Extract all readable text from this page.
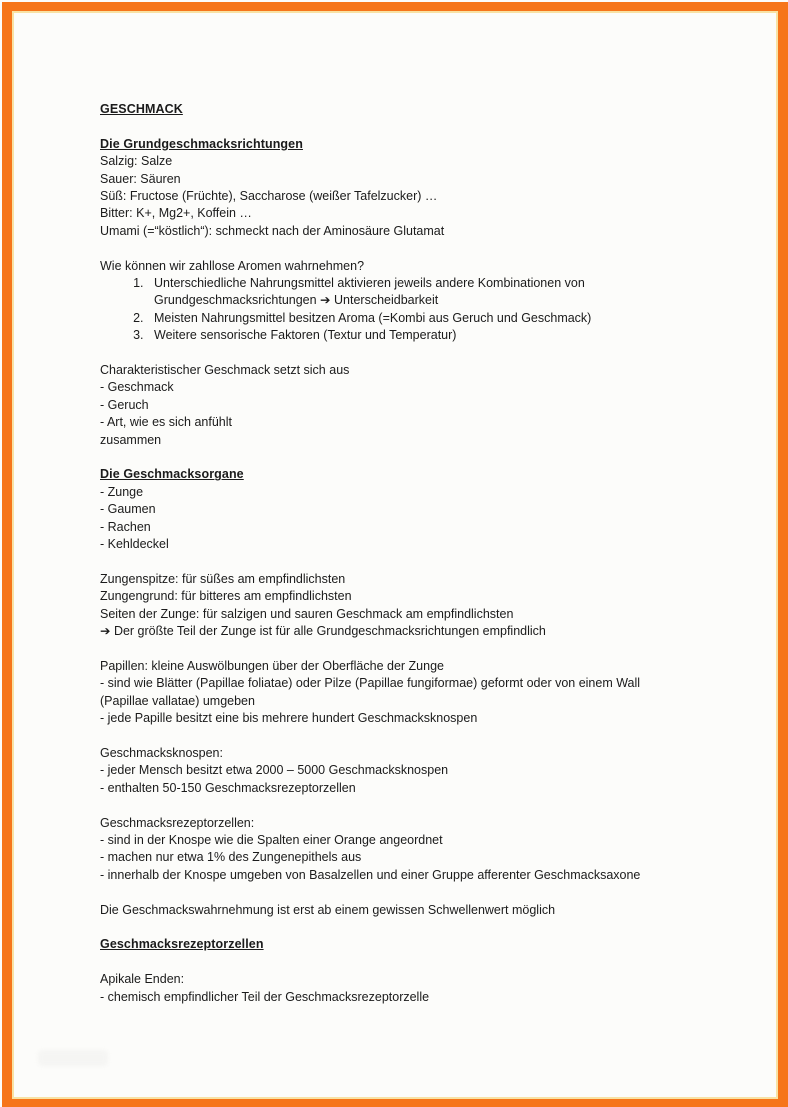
GESCHMACK
Die Grundgeschmacksrichtungen
Salzig: Salze
Sauer: Säuren
Süß: Fructose (Früchte), Saccharose (weißer Tafelzucker) …
Bitter: K+, Mg2+, Koffein …
Umami (=“köstlich“): schmeckt nach der Aminosäure Glutamat
Wie können wir zahllose Aromen wahrnehmen?
1. Unterschiedliche Nahrungsmittel aktivieren jeweils andere Kombinationen von Grundgeschmacksrichtungen ➔ Unterscheidbarkeit
2. Meisten Nahrungsmittel besitzen Aroma (=Kombi aus Geruch und Geschmack)
3. Weitere sensorische Faktoren (Textur und Temperatur)
Charakteristischer Geschmack setzt sich aus
- Geschmack
- Geruch
- Art, wie es sich anfühlt
zusammen
Die Geschmacksorgane
- Zunge
- Gaumen
- Rachen
- Kehldeckel
Zungenspitze: für süßes am empfindlichsten
Zungengrund: für bitteres am empfindlichsten
Seiten der Zunge: für salzigen und sauren Geschmack am empfindlichsten
➔ Der größte Teil der Zunge ist für alle Grundgeschmacksrichtungen empfindlich
Papillen: kleine Auswölbungen über der Oberfläche der Zunge
- sind wie Blätter (Papillae foliatae) oder Pilze (Papillae fungiformae) geformt oder von einem Wall (Papillae vallatae) umgeben
- jede Papille besitzt eine bis mehrere hundert Geschmacksknospen
Geschmacksknospen:
- jeder Mensch besitzt etwa 2000 – 5000 Geschmacksknospen
- enthalten 50-150 Geschmacksrezeptorzellen
Geschmacksrezeptorzellen:
- sind in der Knospe wie die Spalten einer Orange angeordnet
- machen nur etwa 1% des Zungenepithels aus
- innerhalb der Knospe umgeben von Basalzellen und einer Gruppe afferenter Geschmacksaxone
Die Geschmackswahrnehmung ist erst ab einem gewissen Schwellenwert möglich
Geschmacksrezeptorzellen
Apikale Enden:
- chemisch empfindlicher Teil der Geschmacksrezeptorzelle
